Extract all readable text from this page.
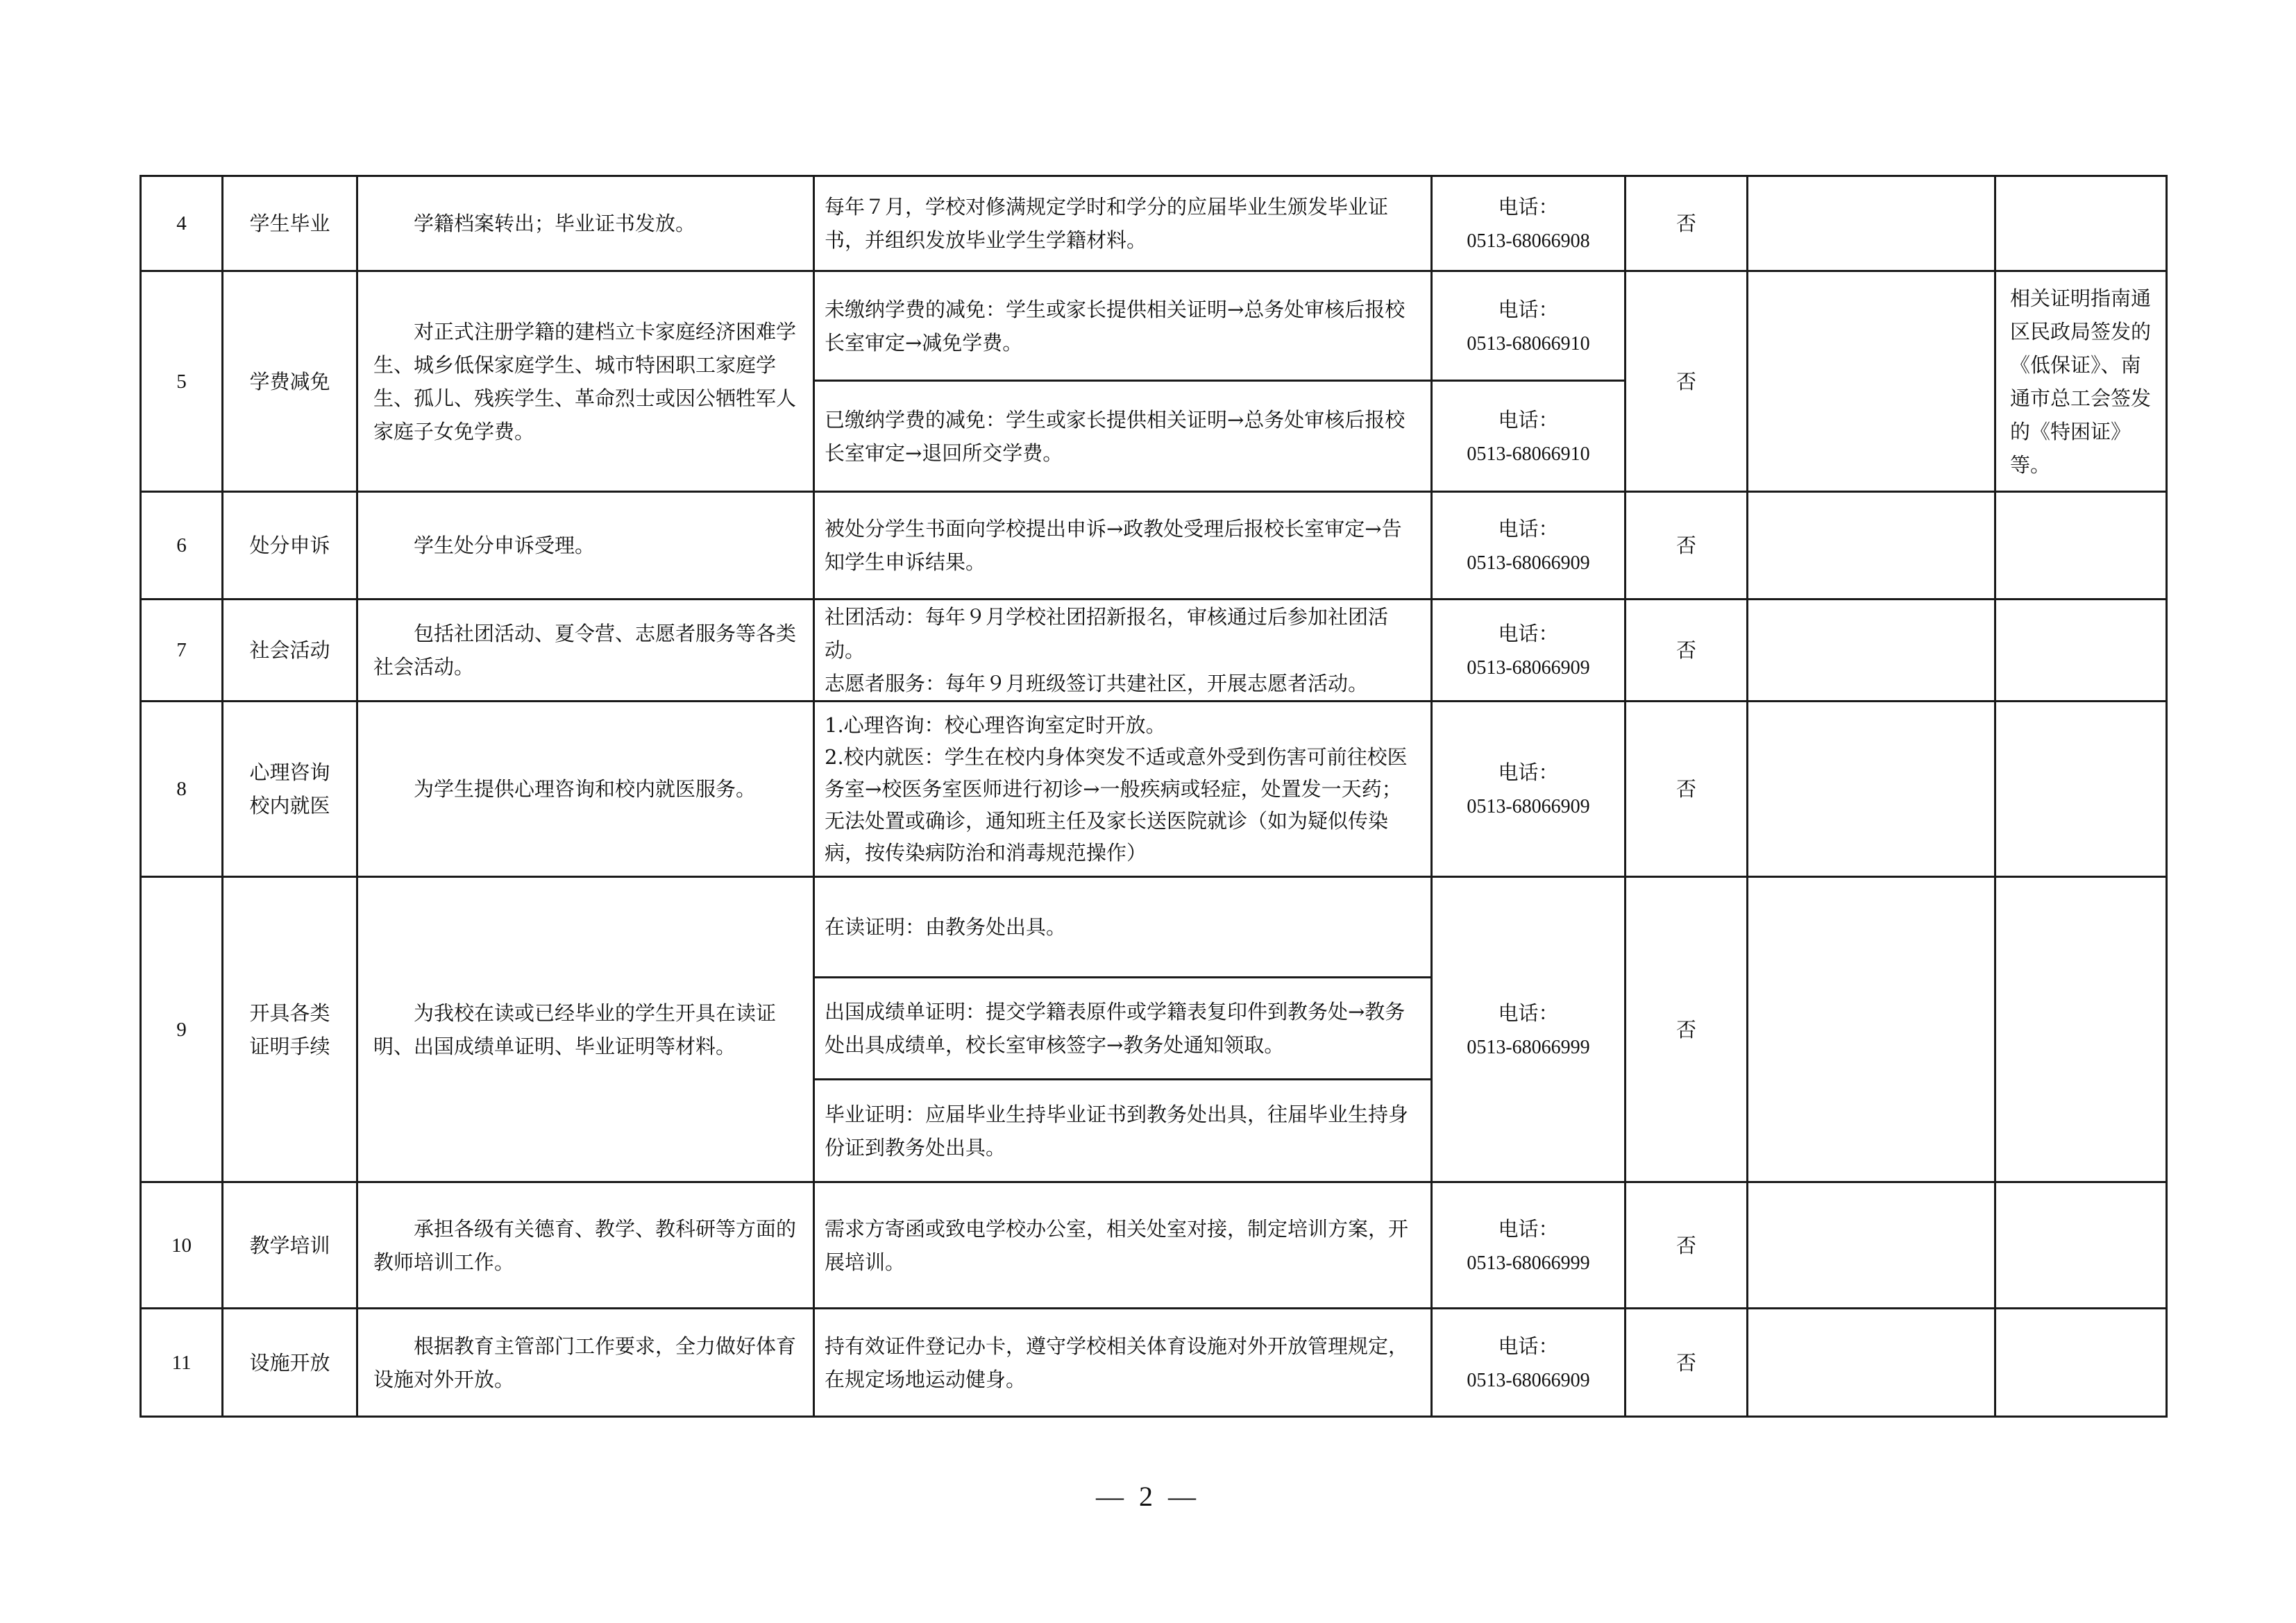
4	学生毕业	学籍档案转出；毕业证书发放。	每年７月，学校对修满规定学时和学分的应届毕业生颁发毕业证书，并组织发放毕业学生学籍材料。	电话：
0513-68066908	否		
5	学费减免	对正式注册学籍的建档立卡家庭经济困难学生、城乡低保家庭学生、城市特困职工家庭学生、孤儿、残疾学生、革命烈士或因公牺牲军人家庭子女免学费。	未缴纳学费的减免：学生或家长提供相关证明→总务处审核后报校长室审定→减免学费。	电话：
0513-68066910	否		相关证明指南通区民政局签发的《低保证》、南通市总工会签发的《特困证》等。
			已缴纳学费的减免：学生或家长提供相关证明→总务处审核后报校长室审定→退回所交学费。	电话：
0513-68066910			

6	处分申诉	学生处分申诉受理。	被处分学生书面向学校提出申诉→政教处受理后报校长室审定→告知学生申诉结果。	电话：
0513-68066909	否		
7	社会活动	包括社团活动、夏令营、志愿者服务等各类社会活动。	社团活动：每年９月学校社团招新报名，审核通过后参加社团活动。
志愿者服务：每年９月班级签订共建社区，开展志愿者活动。	电话：
0513-68066909	否		
8	心理咨询
校内就医	为学生提供心理咨询和校内就医服务。	1.心理咨询：校心理咨询室定时开放。
2.校内就医：学生在校内身体突发不适或意外受到伤害可前往校医务室→校医务室医师进行初诊→一般疾病或轻症，处置发一天药；无法处置或确诊，通知班主任及家长送医院就诊（如为疑似传染病，按传染病防治和消毒规范操作）	电话：
0513-68066909	否		
9	开具各类
证明手续	为我校在读或已经毕业的学生开具在读证明、出国成绩单证明、毕业证明等材料。	在读证明：由教务处出具。	电话：
0513-68066999	否		
			出国成绩单证明：提交学籍表原件或学籍表复印件到教务处→教务处出具成绩单，校长室审核签字→教务处通知领取。				
			毕业证明：应届毕业生持毕业证书到教务处出具，往届毕业生持身份证到教务处出具。				
10	教学培训	承担各级有关德育、教学、教科研等方面的教师培训工作。	需求方寄函或致电学校办公室，相关处室对接，制定培训方案，开展培训。	电话：
0513-68066999	否		
11	设施开放	根据教育主管部门工作要求，全力做好体育设施对外开放。	持有效证件登记办卡，遵守学校相关体育设施对外开放管理规定，在规定场地运动健身。	电话：
0513-68066909	否		
— 2 —
